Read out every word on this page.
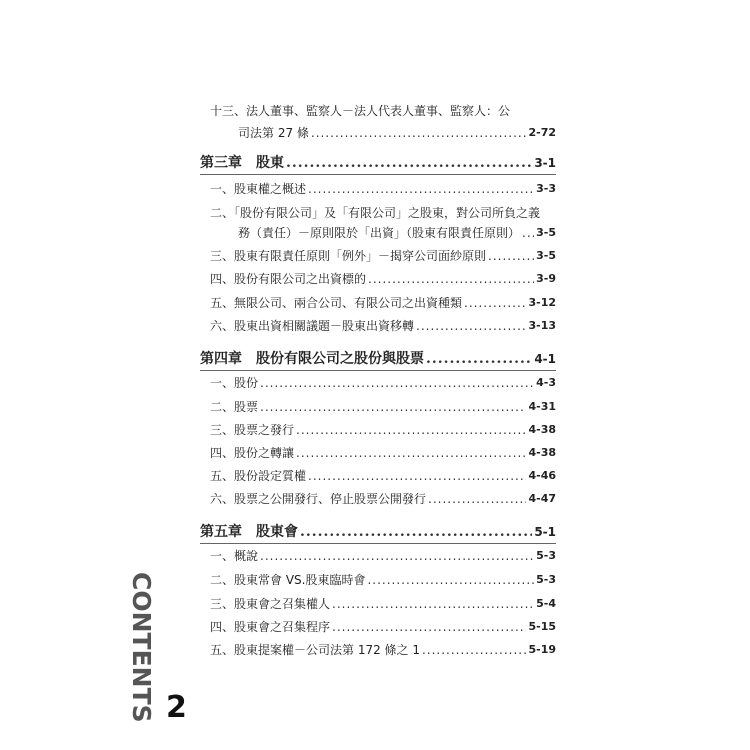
十三、法人董事、監察人－法人代表人董事、監察人：公
司法第 27 條 .....	2-72
第三章　股東 .....	3-1
一、股東權之概述 .....	3-3
二、「股份有限公司」及「有限公司」之股東，對公司所負之義
務（責任）－原則限於「出資」（股東有限責任原則） ..... 3-5
三、股東有限責任原則「例外」－揭穿公司面紗原則 .....	3-5
四、股份有限公司之出資標的 .....	3-9
五、無限公司、兩合公司、有限公司之出資種類 .....	3-12
六、股東出資相關議題－股東出資移轉 .....	3-13
第四章　股份有限公司之股份與股票 .....	4-1
一、股份 .....	4-3
二、股票 .....	4-31
三、股票之發行 .....	4-38
四、股份之轉讓 .....	4-38
五、股份設定質權 .....	4-46
六、股票之公開發行、停止股票公開發行 .....	4-47
第五章　股東會 .....	5-1
一、概說 .....	5-3
二、股東常會 VS.股東臨時會 .....	5-3
三、股東會之召集權人 .....	5-4
四、股東會之召集程序 .....	5-15
五、股東提案權－公司法第 172 條之 1 .....	5-19
CONTENTS 2
